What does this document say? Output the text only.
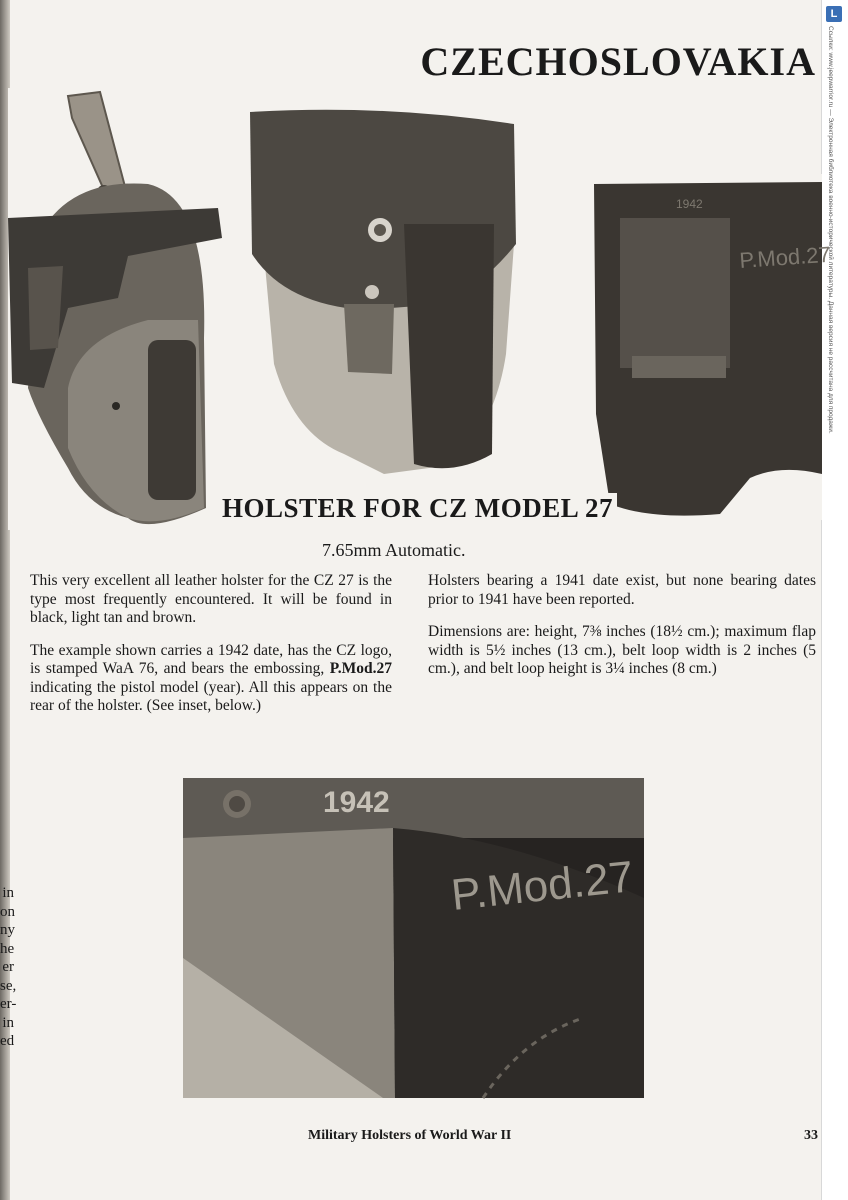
L
Ссылки: www.jeepwarrior.ru — Электронная библиотека военно-исторической литературы. Данная версия не рассчитана для продажи.
CZECHOSLOVAKIA
P.Mod.27
1942
HOLSTER FOR CZ MODEL 27
7.65mm Automatic.

This very excellent all leather holster for the CZ 27 is the type most frequently encountered. It will be found in black, light tan and brown.

The example shown carries a 1942 date, has the CZ logo, is stamped WaA 76, and bears the embossing, P.Mod.27 indicating the pistol model (year). All this appears on the rear of the holster. (See inset, below.)

Holsters bearing a 1941 date exist, but none bearing dates prior to 1941 have been reported.

Dimensions are: height, 7⅜ inches (18½ cm.); maximum flap width is 5½ inches (13 cm.), belt loop width is 2 inches (5 cm.), and belt loop height is 3¼ inches (8 cm.)

1942
P.Mod.27
in
on
ny
he
er
se,
er-
in
ed
Military Holsters of World War II	33
